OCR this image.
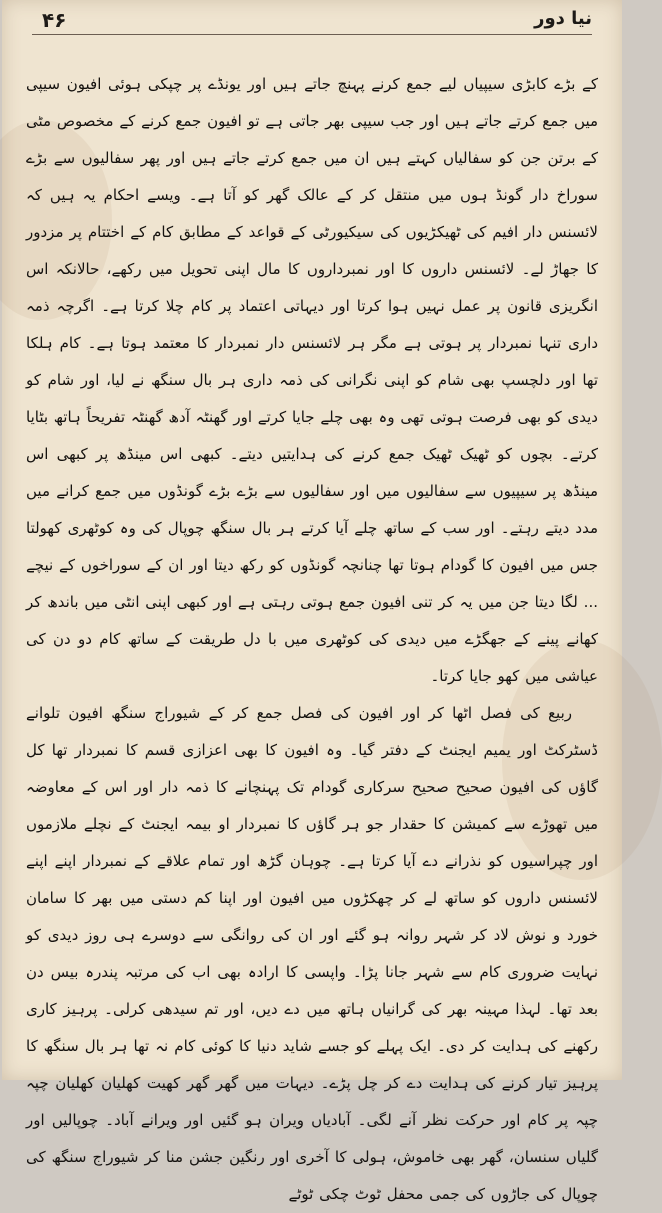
۴۶	نیا دور

کے بڑے کابڑی سیپیاں لیے جمع کرنے پہنچ جاتے ہیں اور یونڈے پر چپکی ہوئی افیون سیپی میں جمع کرتے جاتے ہیں اور جب سیپی بھر جاتی ہے تو افیون جمع کرنے کے مخصوص مٹی کے برتن جن کو سفالیاں کہتے ہیں ان میں جمع کرتے جاتے ہیں اور پھر سفالیوں سے بڑے سوراخ دار گونڈ ہوں میں منتقل کر کے عالک گھر کو آتا ہے۔ ویسے احکام یہ ہیں کہ لائسنس دار افیم کی ٹھیکڑیوں کی سیکیورٹی کے قواعد کے مطابق کام کے اختتام پر مزدور کا جھاڑ لے۔ لائسنس داروں کا اور نمبرداروں کا مال اپنی تحویل میں رکھے، حالانکہ اس انگریزی قانون پر عمل نہیں ہوا کرتا اور دیہاتی اعتماد پر کام چلا کرتا ہے۔ اگرچہ ذمہ داری تنہا نمبردار پر ہوتی ہے مگر ہر لائسنس دار نمبردار کا معتمد ہوتا ہے۔ کام ہلکا تھا اور دلچسپ بھی شام کو اپنی نگرانی کی ذمہ داری ہر بال سنگھ نے لیا، اور شام کو دیدی کو بھی فرصت ہوتی تھی وہ بھی چلے جایا کرتے اور گھنٹہ آدھ گھنٹہ تفریحاً ہاتھ بٹایا کرتے۔ بچوں کو ٹھیک ٹھیک جمع کرنے کی ہدایتیں دیتے۔ کبھی اس مینڈھ پر کبھی اس مینڈھ پر سیپیوں سے سفالیوں میں اور سفالیوں سے بڑے بڑے گونڈوں میں جمع کرانے میں مدد دیتے رہتے۔ اور سب کے ساتھ چلے آیا کرتے ہر بال سنگھ چوپال کی وہ کوٹھری کھولتا جس میں افیون کا گودام ہوتا تھا چنانچہ گونڈوں کو رکھ دیتا اور ان کے سوراخوں کے نیچے ... لگا دیتا جن میں یہ کر تنی افیون جمع ہوتی رہتی ہے اور کبھی اپنی انٹی میں باندھ کر کھانے پینے کے جھگڑے میں دیدی کی کوٹھری میں با دل طریقت کے ساتھ کام دو دن کی عیاشی میں کھو جایا کرتا۔

ربیع کی فصل اٹھا کر اور افیون کی فصل جمع کر کے شیوراج سنگھ افیون تلوانے ڈسٹرکٹ اور یمیم ایجنٹ کے دفتر گیا۔ وہ افیون کا بھی اعزازی قسم کا نمبردار تھا کل گاؤں کی افیون صحیح صحیح سرکاری گودام تک پہنچانے کا ذمہ دار اور اس کے معاوضہ میں تھوڑے سے کمیشن کا حقدار جو ہر گاؤں کا نمبردار او بیمہ ایجنٹ کے نچلے ملازموں اور چپراسیوں کو نذرانے دے آیا کرتا ہے۔ چوہان گڑھ اور تمام علاقے کے نمبردار اپنے اپنے لائسنس داروں کو ساتھ لے کر چھکڑوں میں افیون اور اپنا کم دستی میں بھر کا سامان خورد و نوش لاد کر شہر روانہ ہو گئے اور ان کی روانگی سے دوسرے ہی روز دیدی کو نہایت ضروری کام سے شہر جانا پڑا۔ واپسی کا ارادہ بھی اب کی مرتبہ پندرہ بیس دن بعد تھا۔ لہذا مہینہ بھر کی گرانیاں ہاتھ میں دے دیں، اور تم سیدھی کرلی۔ پرہیز کاری رکھنے کی ہدایت کر دی۔ ایک پہلے کو جسے شاید دنیا کا کوئی کام نہ تھا ہر بال سنگھ کا پرہیز تیار کرنے کی ہدایت دے کر چل پڑے۔ دیہات میں گھر گھر کھیت کھلیان کھلیان چپہ چپہ پر کام اور حرکت نظر آنے لگی۔ آبادیاں ویران ہو گئیں اور ویرانے آباد۔ چوپالیں اور گلیاں سنسان، گھر بھی خاموش، ہولی کا آخری اور رنگین جشن منا کر شیوراج سنگھ کی چوپال کی جاڑوں کی جمی محفل ٹوٹ چکی ٹوٹے
